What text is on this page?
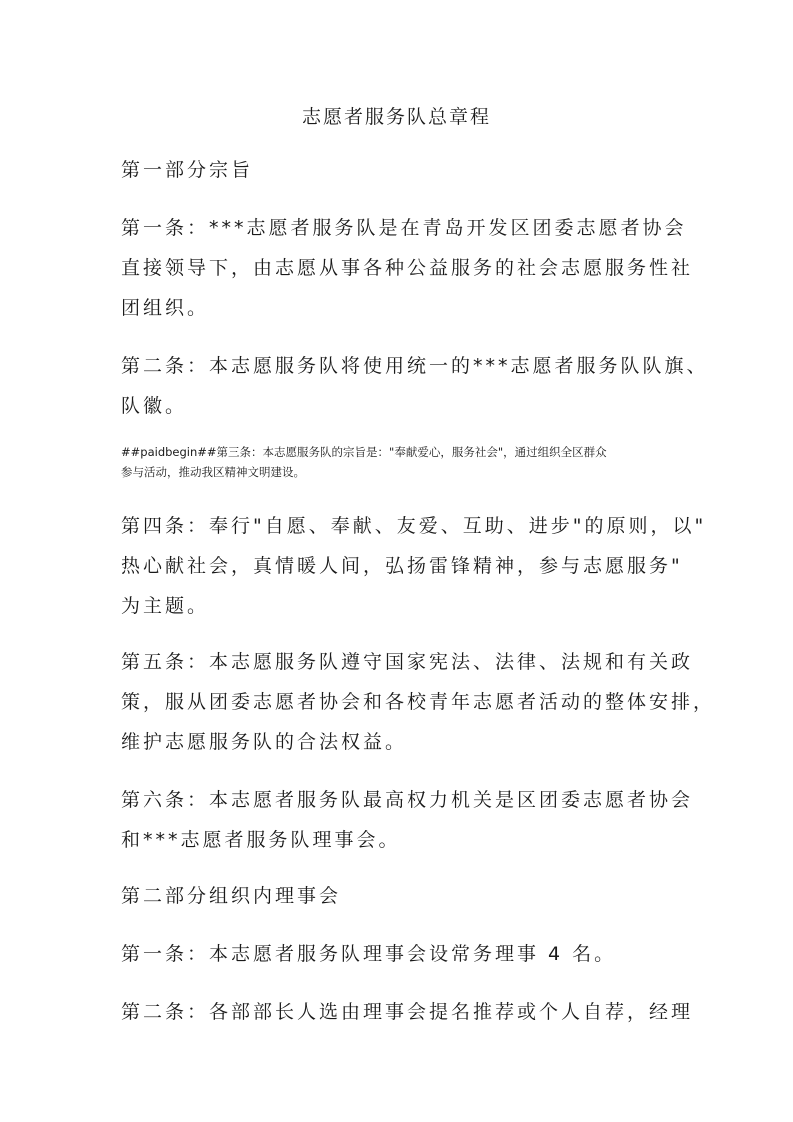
志愿者服务队总章程
第一部分宗旨
第一条：***志愿者服务队是在青岛开发区团委志愿者协会
直接领导下，由志愿从事各种公益服务的社会志愿服务性社
团组织。
第二条：本志愿服务队将使用统一的***志愿者服务队队旗、
队徽。
##paidbegin##第三条：本志愿服务队的宗旨是："奉献爱心，服务社会"，通过组织全区群众
参与活动，推动我区精神文明建设。
第四条：奉行"自愿、奉献、友爱、互助、进步"的原则，以"
热心献社会，真情暖人间，弘扬雷锋精神，参与志愿服务"
为主题。
第五条：本志愿服务队遵守国家宪法、法律、法规和有关政
策，服从团委志愿者协会和各校青年志愿者活动的整体安排，
维护志愿服务队的合法权益。
第六条：本志愿者服务队最高权力机关是区团委志愿者协会
和***志愿者服务队理事会。
第二部分组织内理事会
第一条：本志愿者服务队理事会设常务理事 4 名。
第二条：各部部长人选由理事会提名推荐或个人自荐，经理
